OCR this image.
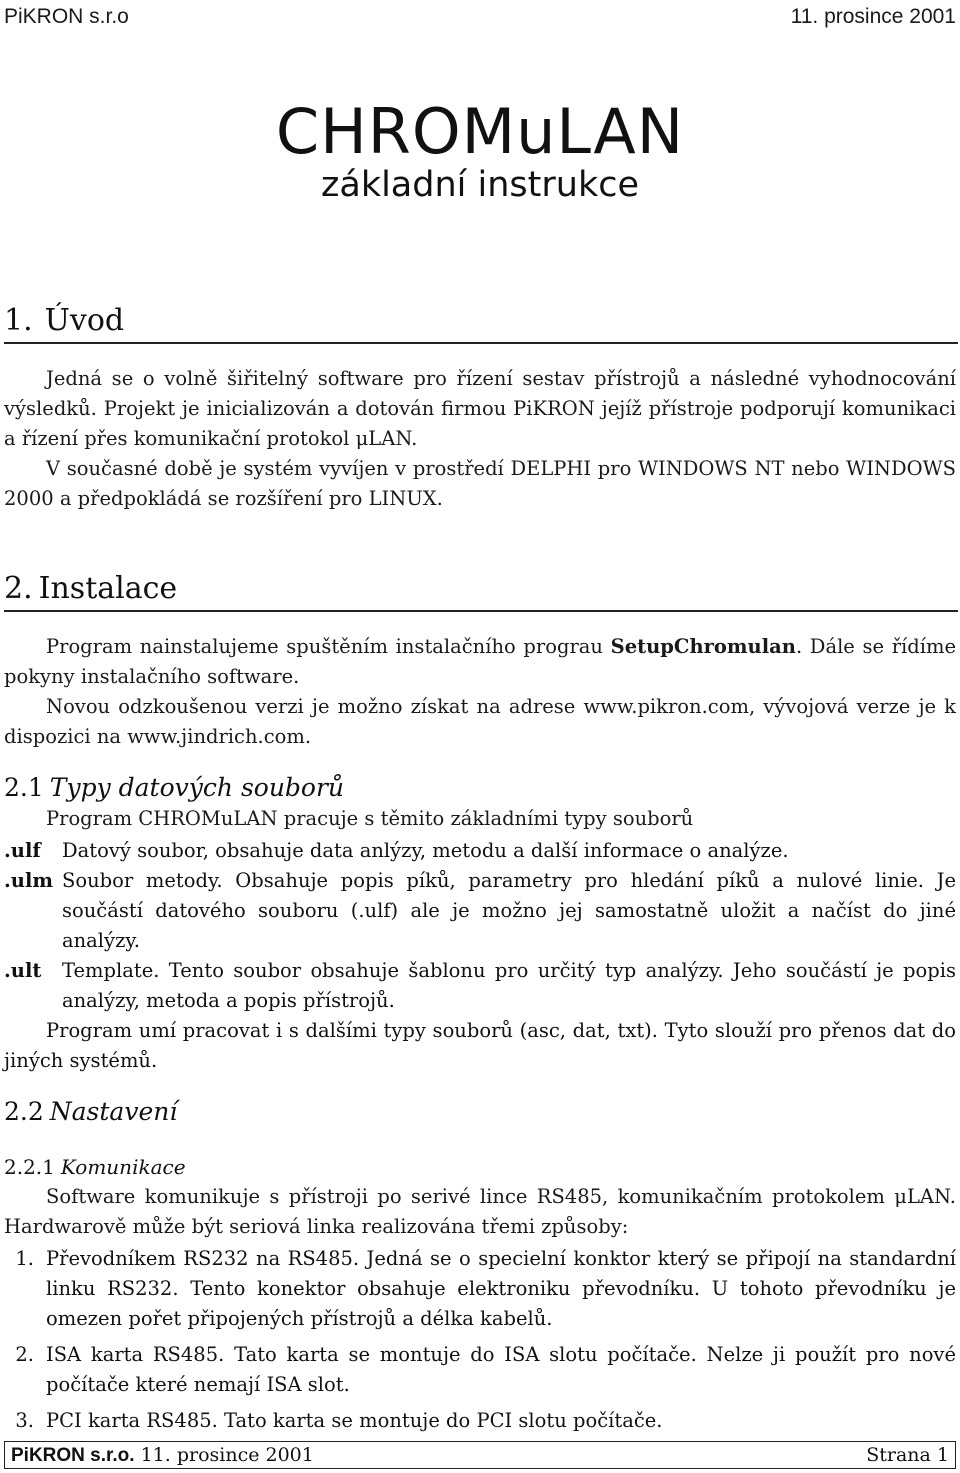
PiKRON s.r.o	11. prosince 2001
CHROMuLAN
základní instrukce
1. Úvod

Jedná se o volně šiřitelný software pro řízení sestav přístrojů a následné vyhodnocování výsledků. Projekt je inicializován a dotován firmou PiKRON jejíž přístroje podporují komunikaci a řízení přes komunikační protokol μLAN.

V současné době je systém vyvíjen v prostředí DELPHI pro WINDOWS NT nebo WINDOWS 2000 a předpokládá se rozšíření pro LINUX.

2. Instalace

Program nainstalujeme spuštěním instalačního prograu SetupChromulan. Dále se řídíme pokyny instalačního software.

Novou odzkoušenou verzi je možno získat na adrese www.pikron.com, vývojová verze je k dispozici na www.jindrich.com.

2.1 Typy datových souborů

Program CHROMuLAN pracuje s těmito základními typy souborů

.ulf	Datový soubor, obsahuje data anlýzy, metodu a další informace o analýze.
.ulm Soubor metody. Obsahuje popis píků, parametry pro hledání píků a nulové linie. Je součástí datového souboru (.ulf) ale je možno jej samostatně uložit a načíst do jiné analýzy.
.ult	Template. Tento soubor obsahuje šablonu pro určitý typ analýzy. Jeho součástí je popis analýzy, metoda a popis přístrojů.

Program umí pracovat i s dalšími typy souborů (asc, dat, txt). Tyto slouží pro přenos dat do jiných systémů.

2.2 Nastavení
2.2.1 Komunikace

Software komunikuje s přístroji po serivé lince RS485, komunikačním protokolem μLAN. Hardwarově může být seriová linka realizována třemi způsoby:

1. Převodníkem RS232 na RS485. Jedná se o specielní konktor který se připojí na standardní linku RS232. Tento konektor obsahuje elektroniku převodníku. U tohoto převodníku je omezen pořet připojených přístrojů a délka kabelů.
2. ISA karta RS485. Tato karta se montuje do ISA slotu počítače. Nelze ji použít pro nové počítače které nemají ISA slot.
3. PCI karta RS485. Tato karta se montuje do PCI slotu počítače.
PiKRON s.r.o. 11. prosince 2001	Strana 1
